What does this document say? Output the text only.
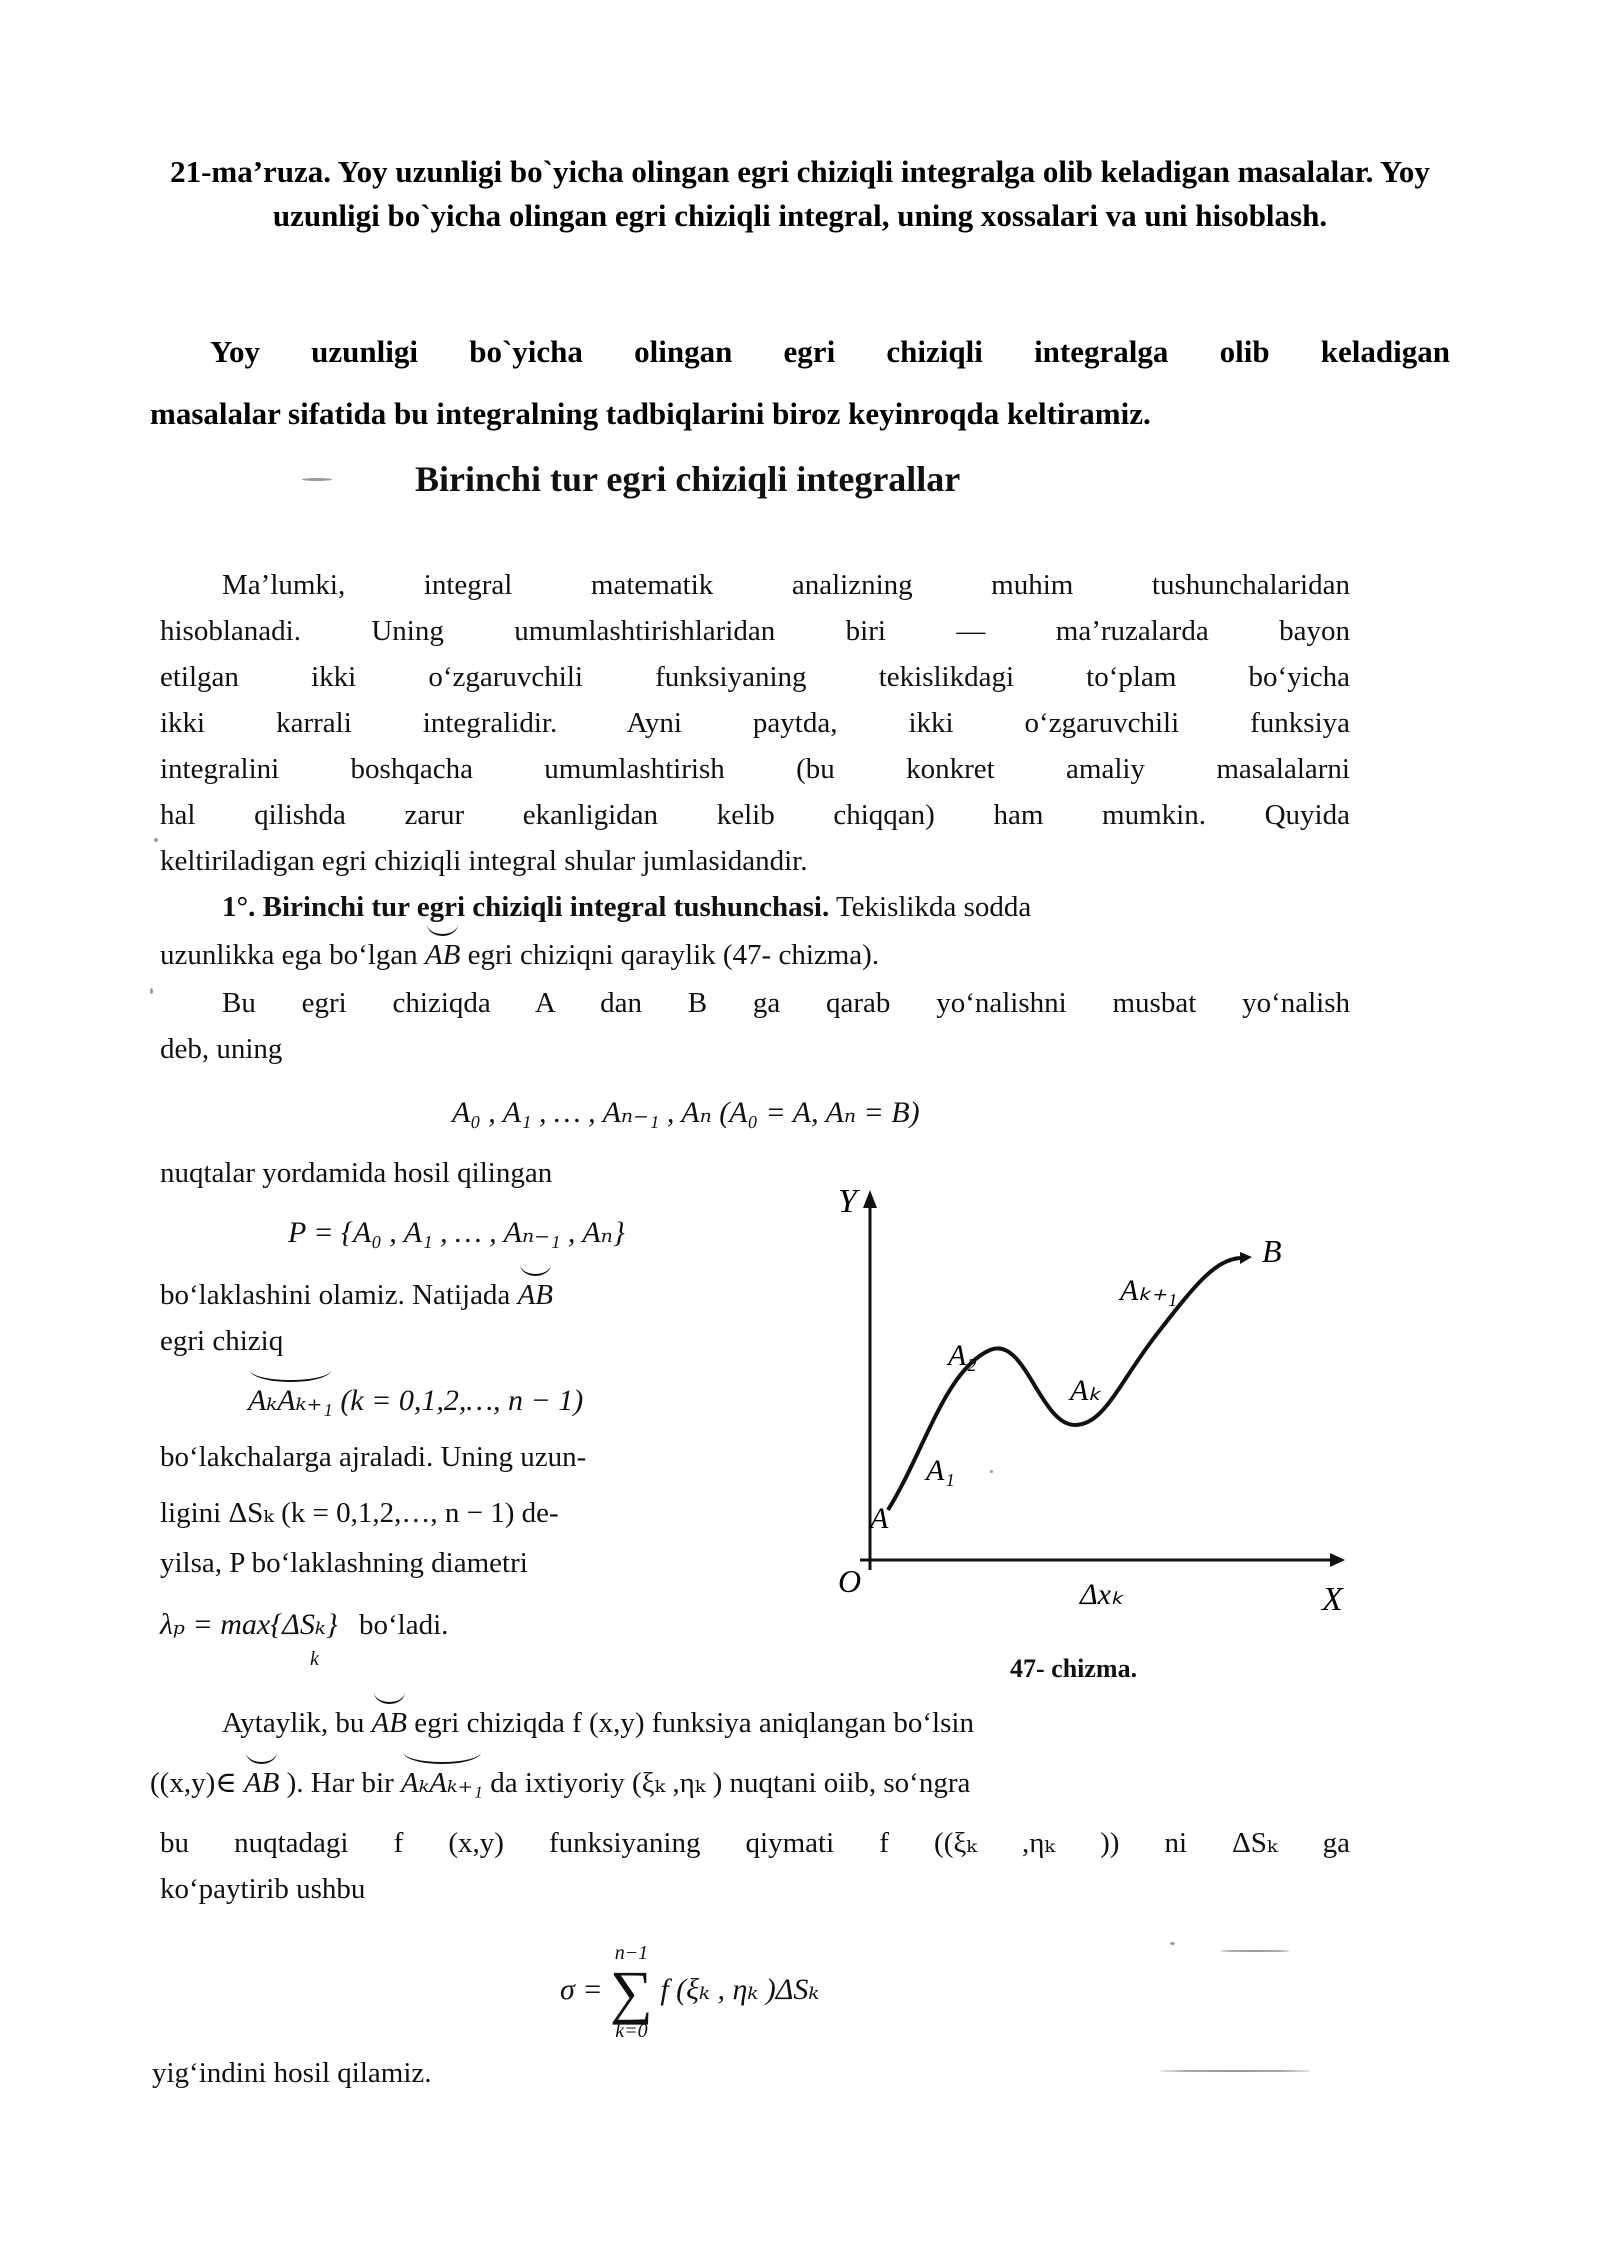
21-ma’ruza. Yoy uzunligi bo`yicha olingan egri chiziqli integralga olib keladigan masalalar. Yoy uzunligi bo`yicha olingan egri chiziqli integral, uning xossalari va uni hisoblash.
Yoy uzunligi bo`yicha olingan egri chiziqli integralga olib keladigan
masalalar sifatida bu integralning tadbiqlarini biroz keyinroqda keltiramiz.
Birinchi tur egri chiziqli integrallar
Ma’lumki, integral matematik analizning muhim tushunchalaridan
hisoblanadi. Uning umumlashtirishlaridan biri — ma’ruzalarda bayon
etilgan ikki o‘zgaruvchili funksiyaning tekislikdagi to‘plam bo‘yicha
ikki karrali integralidir. Ayni paytda, ikki o‘zgaruvchili funksiya
integralini boshqacha umumlashtirish (bu konkret amaliy masalalarni
hal qilishda zarur ekanligidan kelib chiqqan) ham mumkin. Quyida
keltiriladigan egri chiziqli integral shular jumlasidandir.
1°. Birinchi tur egri chiziqli integral tushunchasi. Tekislikda sodda
uzunlikka ega bo‘lgan AB egri chiziqni qaraylik (47- chizma).
Bu egri chiziqda A dan B ga qarab yo‘nalishni musbat yo‘nalish
deb, uning
A₀ , A₁ , … , Aₙ₋₁ , Aₙ (A₀ = A, Aₙ = B)
nuqtalar yordamida hosil qilingan
P = {A₀ , A₁ , … , Aₙ₋₁ , Aₙ}
bo‘laklashini olamiz. Natijada AB
egri chiziq
AₖAₖ₊₁ (k = 0,1,2,…, n − 1)
bo‘lakchalarga ajraladi. Uning uzun-
ligini ΔSₖ (k = 0,1,2,…, n − 1) de-
yilsa, P bo‘laklashning diametri
λₚ = max{ΔSₖ} bo‘ladi.
k
Y
X
O
A
A₁
A₂
Aₖ
Aₖ₊₁
B
Δxₖ
47- chizma.
Aytaylik, bu AB egri chiziqda f (x,y) funksiya aniqlangan bo‘lsin
((x,y)∈ AB ). Har bir AₖAₖ₊₁ da ixtiyoriy (ξₖ ,ηₖ ) nuqtani oiib, so‘ngra
bu nuqtadagi f (x,y) funksiyaning qiymati f ((ξₖ ,ηₖ )) ni ΔSₖ ga
ko‘paytirib ushbu
σ = n−1
∑
k=0 f (ξₖ , ηₖ )ΔSₖ
yig‘indini hosil qilamiz.
